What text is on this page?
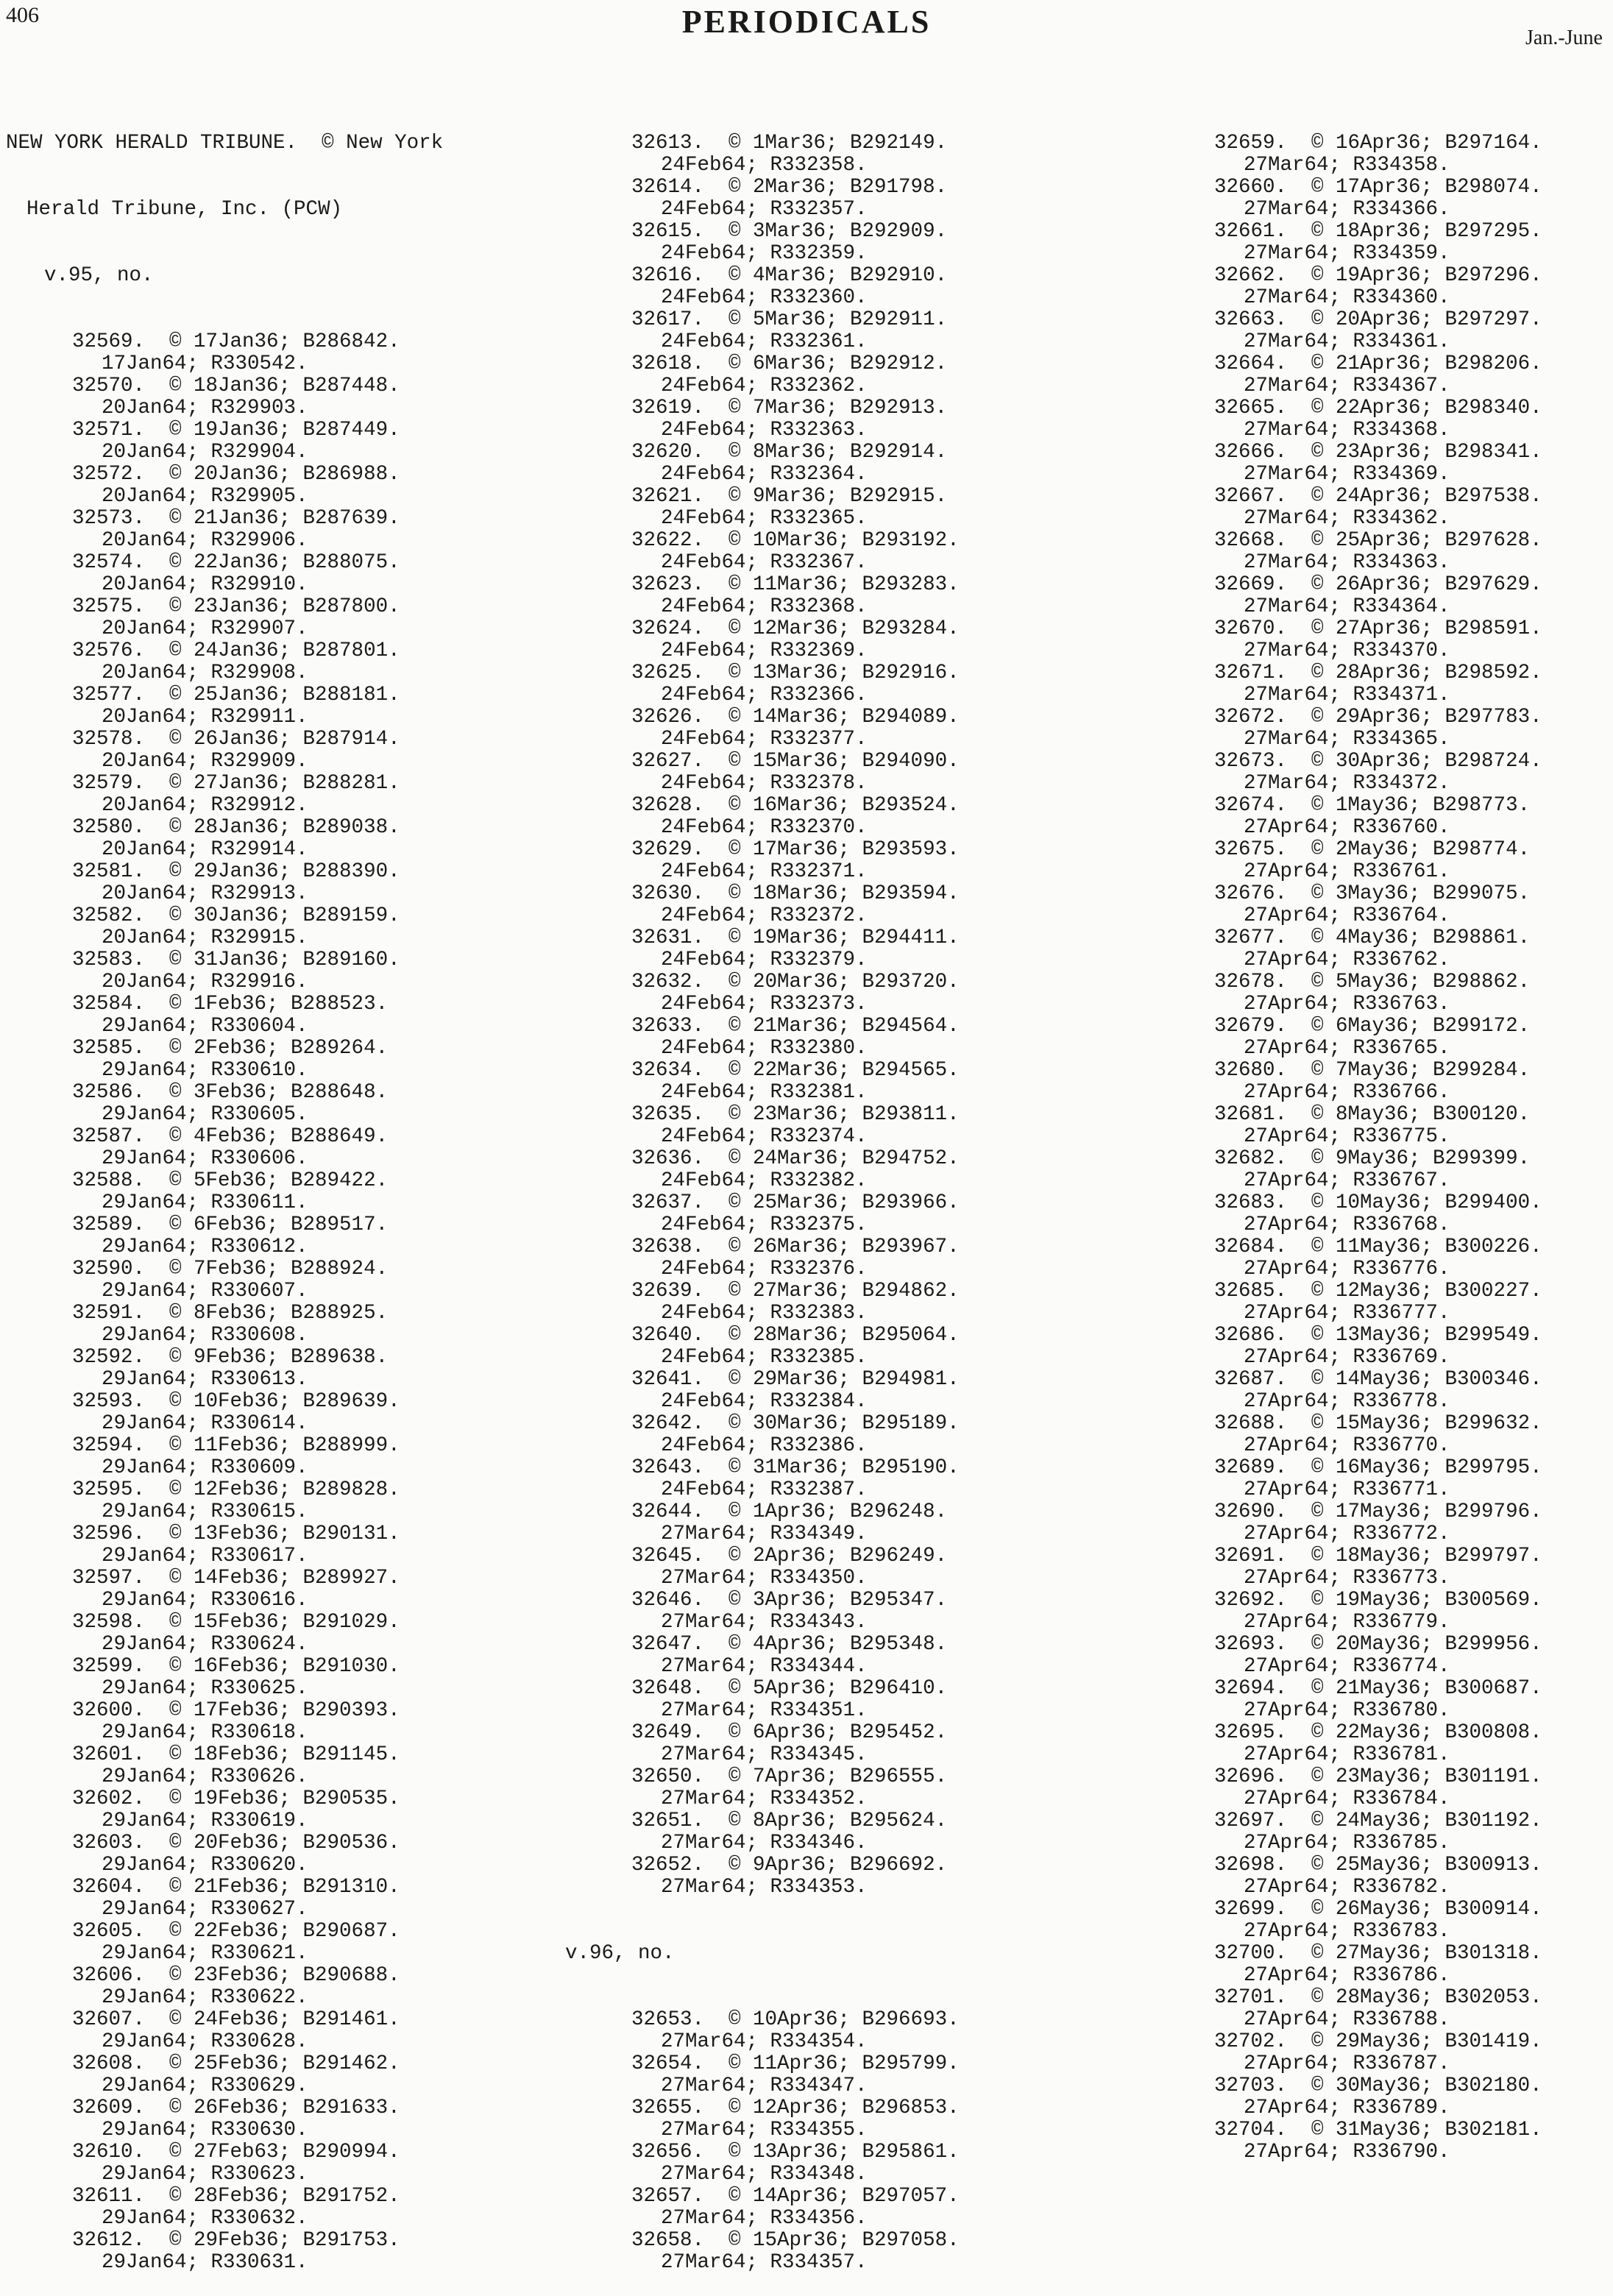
406	PERIODICALS	Jan.-June

NEW YORK HERALD TRIBUNE.  © New York

Herald Tribune, Inc. (PCW)

v.95, no.

32569.  © 17Jan36; B286842.
17Jan64; R330542.
32570.  © 18Jan36; B287448.
20Jan64; R329903.
32571.  © 19Jan36; B287449.
20Jan64; R329904.
32572.  © 20Jan36; B286988.
20Jan64; R329905.
32573.  © 21Jan36; B287639.
20Jan64; R329906.
32574.  © 22Jan36; B288075.
20Jan64; R329910.
32575.  © 23Jan36; B287800.
20Jan64; R329907.
32576.  © 24Jan36; B287801.
20Jan64; R329908.
32577.  © 25Jan36; B288181.
20Jan64; R329911.
32578.  © 26Jan36; B287914.
20Jan64; R329909.
32579.  © 27Jan36; B288281.
20Jan64; R329912.
32580.  © 28Jan36; B289038.
20Jan64; R329914.
32581.  © 29Jan36; B288390.
20Jan64; R329913.
32582.  © 30Jan36; B289159.
20Jan64; R329915.
32583.  © 31Jan36; B289160.
20Jan64; R329916.
32584.  © 1Feb36; B288523.
29Jan64; R330604.
32585.  © 2Feb36; B289264.
29Jan64; R330610.
32586.  © 3Feb36; B288648.
29Jan64; R330605.
32587.  © 4Feb36; B288649.
29Jan64; R330606.
32588.  © 5Feb36; B289422.
29Jan64; R330611.
32589.  © 6Feb36; B289517.
29Jan64; R330612.
32590.  © 7Feb36; B288924.
29Jan64; R330607.
32591.  © 8Feb36; B288925.
29Jan64; R330608.
32592.  © 9Feb36; B289638.
29Jan64; R330613.
32593.  © 10Feb36; B289639.
29Jan64; R330614.
32594.  © 11Feb36; B288999.
29Jan64; R330609.
32595.  © 12Feb36; B289828.
29Jan64; R330615.
32596.  © 13Feb36; B290131.
29Jan64; R330617.
32597.  © 14Feb36; B289927.
29Jan64; R330616.
32598.  © 15Feb36; B291029.
29Jan64; R330624.
32599.  © 16Feb36; B291030.
29Jan64; R330625.
32600.  © 17Feb36; B290393.
29Jan64; R330618.
32601.  © 18Feb36; B291145.
29Jan64; R330626.
32602.  © 19Feb36; B290535.
29Jan64; R330619.
32603.  © 20Feb36; B290536.
29Jan64; R330620.
32604.  © 21Feb36; B291310.
29Jan64; R330627.
32605.  © 22Feb36; B290687.
29Jan64; R330621.
32606.  © 23Feb36; B290688.
29Jan64; R330622.
32607.  © 24Feb36; B291461.
29Jan64; R330628.
32608.  © 25Feb36; B291462.
29Jan64; R330629.
32609.  © 26Feb36; B291633.
29Jan64; R330630.
32610.  © 27Feb63; B290994.
29Jan64; R330623.
32611.  © 28Feb36; B291752.
29Jan64; R330632.
32612.  © 29Feb36; B291753.
29Jan64; R330631.

32613.  © 1Mar36; B292149.
24Feb64; R332358.
32614.  © 2Mar36; B291798.
24Feb64; R332357.
32615.  © 3Mar36; B292909.
24Feb64; R332359.
32616.  © 4Mar36; B292910.
24Feb64; R332360.
32617.  © 5Mar36; B292911.
24Feb64; R332361.
32618.  © 6Mar36; B292912.
24Feb64; R332362.
32619.  © 7Mar36; B292913.
24Feb64; R332363.
32620.  © 8Mar36; B292914.
24Feb64; R332364.
32621.  © 9Mar36; B292915.
24Feb64; R332365.
32622.  © 10Mar36; B293192.
24Feb64; R332367.
32623.  © 11Mar36; B293283.
24Feb64; R332368.
32624.  © 12Mar36; B293284.
24Feb64; R332369.
32625.  © 13Mar36; B292916.
24Feb64; R332366.
32626.  © 14Mar36; B294089.
24Feb64; R332377.
32627.  © 15Mar36; B294090.
24Feb64; R332378.
32628.  © 16Mar36; B293524.
24Feb64; R332370.
32629.  © 17Mar36; B293593.
24Feb64; R332371.
32630.  © 18Mar36; B293594.
24Feb64; R332372.
32631.  © 19Mar36; B294411.
24Feb64; R332379.
32632.  © 20Mar36; B293720.
24Feb64; R332373.
32633.  © 21Mar36; B294564.
24Feb64; R332380.
32634.  © 22Mar36; B294565.
24Feb64; R332381.
32635.  © 23Mar36; B293811.
24Feb64; R332374.
32636.  © 24Mar36; B294752.
24Feb64; R332382.
32637.  © 25Mar36; B293966.
24Feb64; R332375.
32638.  © 26Mar36; B293967.
24Feb64; R332376.
32639.  © 27Mar36; B294862.
24Feb64; R332383.
32640.  © 28Mar36; B295064.
24Feb64; R332385.
32641.  © 29Mar36; B294981.
24Feb64; R332384.
32642.  © 30Mar36; B295189.
24Feb64; R332386.
32643.  © 31Mar36; B295190.
24Feb64; R332387.
32644.  © 1Apr36; B296248.
27Mar64; R334349.
32645.  © 2Apr36; B296249.
27Mar64; R334350.
32646.  © 3Apr36; B295347.
27Mar64; R334343.
32647.  © 4Apr36; B295348.
27Mar64; R334344.
32648.  © 5Apr36; B296410.
27Mar64; R334351.
32649.  © 6Apr36; B295452.
27Mar64; R334345.
32650.  © 7Apr36; B296555.
27Mar64; R334352.
32651.  © 8Apr36; B295624.
27Mar64; R334346.
32652.  © 9Apr36; B296692.
27Mar64; R334353.

v.96, no.

32653.  © 10Apr36; B296693.
27Mar64; R334354.
32654.  © 11Apr36; B295799.
27Mar64; R334347.
32655.  © 12Apr36; B296853.
27Mar64; R334355.
32656.  © 13Apr36; B295861.
27Mar64; R334348.
32657.  © 14Apr36; B297057.
27Mar64; R334356.
32658.  © 15Apr36; B297058.
27Mar64; R334357.

32659.  © 16Apr36; B297164.
27Mar64; R334358.
32660.  © 17Apr36; B298074.
27Mar64; R334366.
32661.  © 18Apr36; B297295.
27Mar64; R334359.
32662.  © 19Apr36; B297296.
27Mar64; R334360.
32663.  © 20Apr36; B297297.
27Mar64; R334361.
32664.  © 21Apr36; B298206.
27Mar64; R334367.
32665.  © 22Apr36; B298340.
27Mar64; R334368.
32666.  © 23Apr36; B298341.
27Mar64; R334369.
32667.  © 24Apr36; B297538.
27Mar64; R334362.
32668.  © 25Apr36; B297628.
27Mar64; R334363.
32669.  © 26Apr36; B297629.
27Mar64; R334364.
32670.  © 27Apr36; B298591.
27Mar64; R334370.
32671.  © 28Apr36; B298592.
27Mar64; R334371.
32672.  © 29Apr36; B297783.
27Mar64; R334365.
32673.  © 30Apr36; B298724.
27Mar64; R334372.
32674.  © 1May36; B298773.
27Apr64; R336760.
32675.  © 2May36; B298774.
27Apr64; R336761.
32676.  © 3May36; B299075.
27Apr64; R336764.
32677.  © 4May36; B298861.
27Apr64; R336762.
32678.  © 5May36; B298862.
27Apr64; R336763.
32679.  © 6May36; B299172.
27Apr64; R336765.
32680.  © 7May36; B299284.
27Apr64; R336766.
32681.  © 8May36; B300120.
27Apr64; R336775.
32682.  © 9May36; B299399.
27Apr64; R336767.
32683.  © 10May36; B299400.
27Apr64; R336768.
32684.  © 11May36; B300226.
27Apr64; R336776.
32685.  © 12May36; B300227.
27Apr64; R336777.
32686.  © 13May36; B299549.
27Apr64; R336769.
32687.  © 14May36; B300346.
27Apr64; R336778.
32688.  © 15May36; B299632.
27Apr64; R336770.
32689.  © 16May36; B299795.
27Apr64; R336771.
32690.  © 17May36; B299796.
27Apr64; R336772.
32691.  © 18May36; B299797.
27Apr64; R336773.
32692.  © 19May36; B300569.
27Apr64; R336779.
32693.  © 20May36; B299956.
27Apr64; R336774.
32694.  © 21May36; B300687.
27Apr64; R336780.
32695.  © 22May36; B300808.
27Apr64; R336781.
32696.  © 23May36; B301191.
27Apr64; R336784.
32697.  © 24May36; B301192.
27Apr64; R336785.
32698.  © 25May36; B300913.
27Apr64; R336782.
32699.  © 26May36; B300914.
27Apr64; R336783.
32700.  © 27May36; B301318.
27Apr64; R336786.
32701.  © 28May36; B302053.
27Apr64; R336788.
32702.  © 29May36; B301419.
27Apr64; R336787.
32703.  © 30May36; B302180.
27Apr64; R336789.
32704.  © 31May36; B302181.
27Apr64; R336790.
